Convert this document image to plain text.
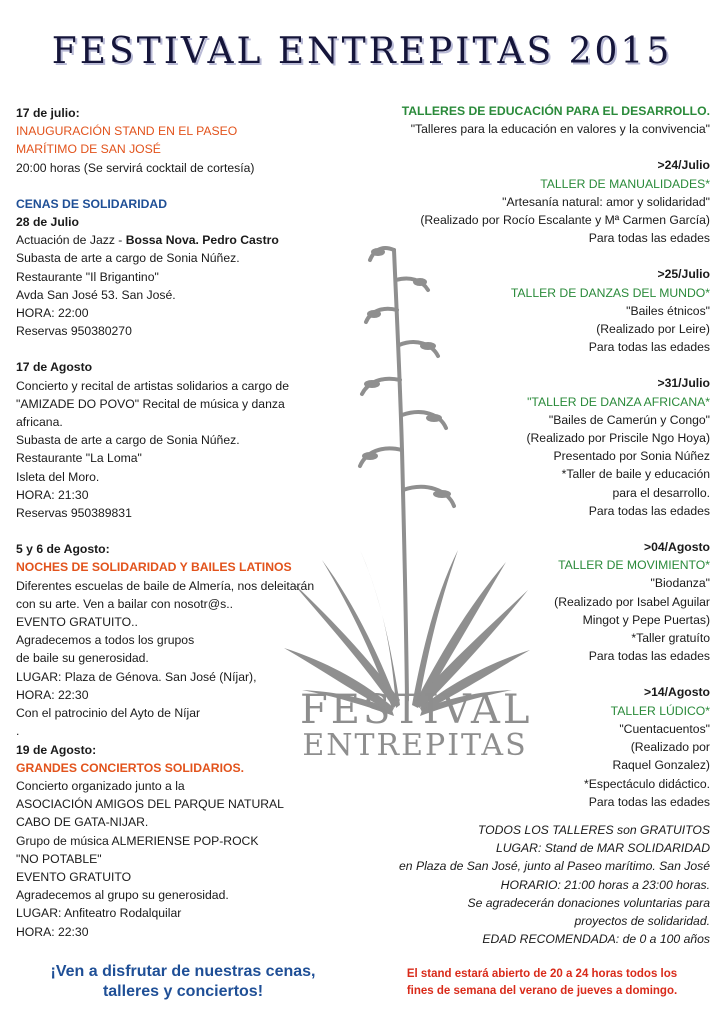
FESTIVAL ENTREPITAS 2015
FESTIVAL
ENTREPITAS
17 de julio:
INAUGURACIÓN STAND EN EL PASEO
MARÍTIMO DE SAN JOSÉ
20:00 horas (Se servirá cocktail de cortesía)
CENAS DE SOLIDARIDAD
28 de Julio
Actuación de Jazz - Bossa Nova. Pedro Castro
Subasta de arte a cargo de Sonia Núñez.
Restaurante "Il Brigantino"
Avda San José 53. San José.
HORA: 22:00
Reservas 950380270
17 de Agosto
Concierto y recital de artistas solidarios a cargo de
"AMIZADE DO POVO" Recital de música y danza
africana.
Subasta de arte a cargo de Sonia Núñez.
Restaurante "La Loma"
Isleta del Moro.
HORA: 21:30
Reservas 950389831
5 y 6 de Agosto:
NOCHES DE SOLIDARIDAD Y BAILES LATINOS
Diferentes escuelas de baile de Almería, nos deleitarán
con su arte. Ven a bailar con nosotr@s..
EVENTO GRATUITO..
Agradecemos a todos los grupos
de baile su generosidad.
LUGAR: Plaza de Génova. San José (Níjar),
HORA: 22:30
Con el patrocinio del Ayto de Níjar
.
19 de Agosto:
GRANDES CONCIERTOS SOLIDARIOS.
Concierto organizado junto a la
ASOCIACIÓN AMIGOS DEL PARQUE NATURAL
CABO DE GATA-NIJAR.
Grupo de música ALMERIENSE POP-ROCK
"NO POTABLE"
EVENTO GRATUITO
Agradecemos al grupo su generosidad.
LUGAR: Anfiteatro Rodalquilar
HORA: 22:30
TALLERES DE EDUCACIÓN PARA EL DESARROLLO.
"Talleres para la educación en valores y la convivencia"
>24/Julio
TALLER DE MANUALIDADES*
"Artesanía natural: amor y solidaridad"
(Realizado por Rocío Escalante y Mª Carmen García)
Para todas las edades
>25/Julio
TALLER DE DANZAS DEL MUNDO*
"Bailes étnicos"
(Realizado por Leire)
Para todas las edades
>31/Julio
"TALLER DE DANZA AFRICANA*
"Bailes de Camerún y Congo"
(Realizado por Priscile Ngo Hoya)
Presentado por Sonia Núñez
*Taller de baile y educación
para el desarrollo.
Para todas las edades
>04/Agosto
TALLER DE MOVIMIENTO*
"Biodanza"
(Realizado por Isabel Aguilar
Mingot y Pepe Puertas)
*Taller gratuíto
Para todas las edades
>14/Agosto
TALLER LÚDICO*
"Cuentacuentos"
(Realizado por
Raquel Gonzalez)
*Espectáculo didáctico.
Para todas las edades
TODOS LOS TALLERES son GRATUITOS
LUGAR: Stand de MAR SOLIDARIDAD
en Plaza de San José, junto al Paseo marítimo. San José
HORARIO: 21:00 horas a 23:00 horas.
Se agradecerán donaciones voluntarias para
proyectos de solidaridad.
EDAD RECOMENDADA: de 0 a 100 años
¡Ven a disfrutar de nuestras cenas,
talleres y conciertos!
El stand estará abierto de 20 a 24 horas todos los
fines de semana del verano de jueves a domingo.
